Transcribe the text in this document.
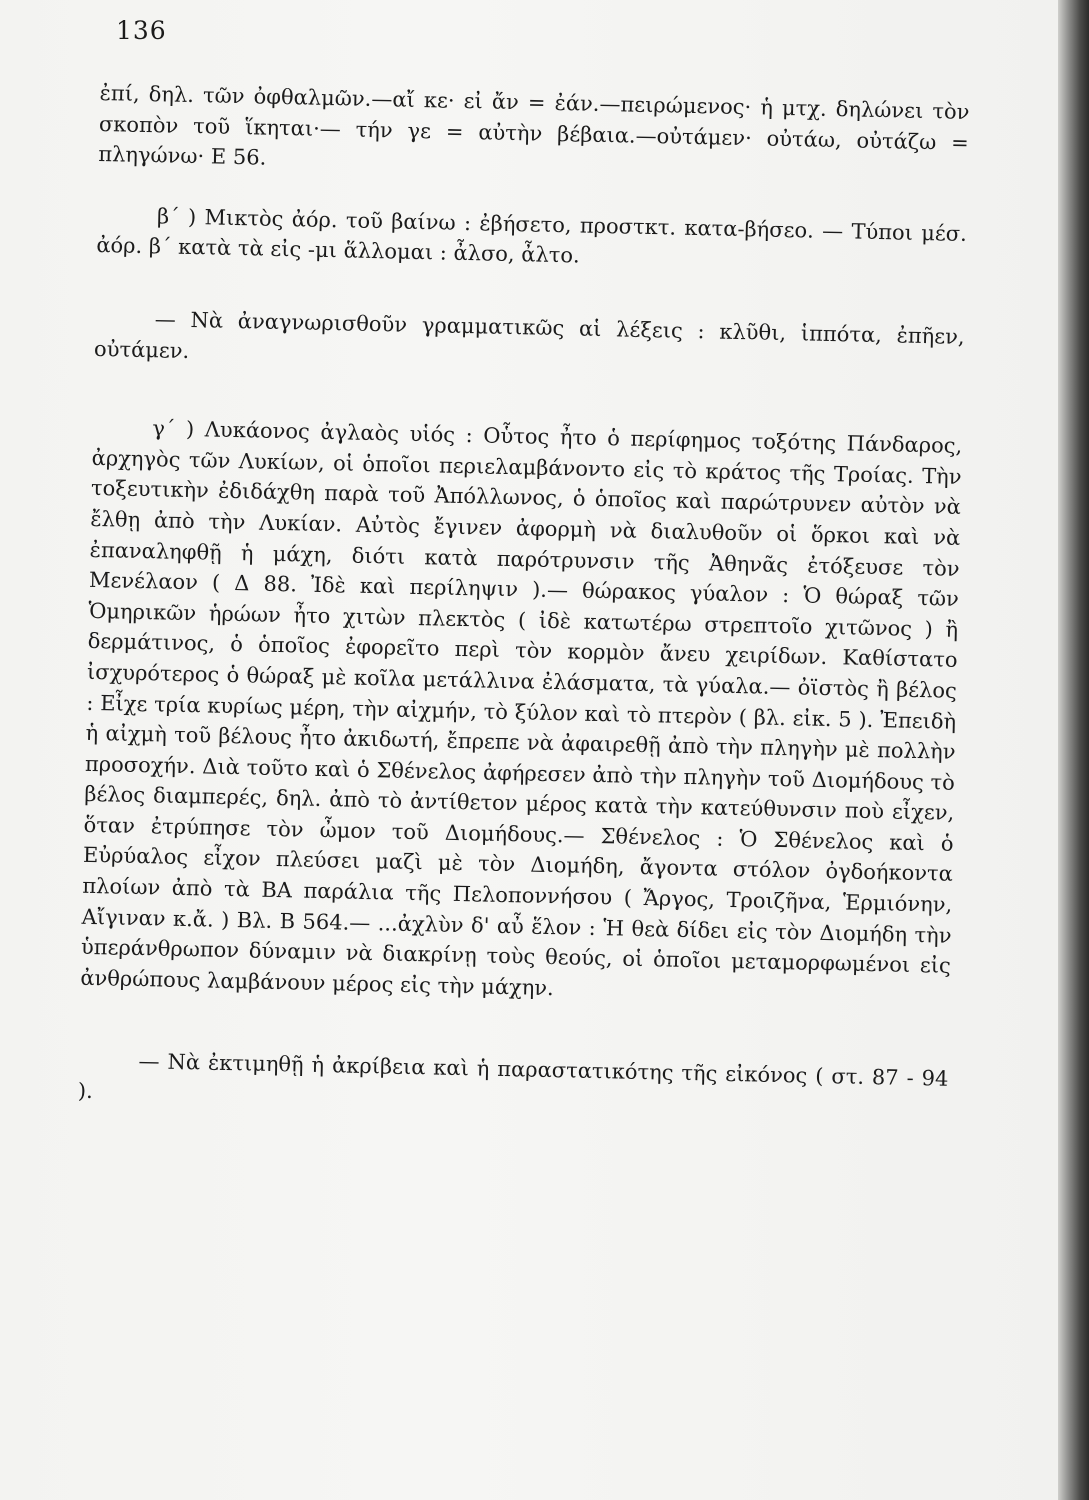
136

ἐπί, δηλ. τῶν ὀφθαλμῶν.—αἴ κε· εἰ ἄν = ἐάν.—πειρώμενος· ἡ μτχ. δηλώνει τὸν σκοπὸν τοῦ ἵκηται·— τήν γε = αὐτὴν βέβαια.—οὐτάμεν· οὐτάω, οὐτάζω = πληγώνω· Ε 56.

β΄ ) Μικτὸς ἀόρ. τοῦ βαίνω : ἐβήσετο, προστκτ. κατα-βήσεο. — Τύποι μέσ. ἀόρ. β΄ κατὰ τὰ εἰς -μι ἅλλομαι : ἆλσο, ἆλτο.

— Νὰ ἀναγνωρισθοῦν γραμματικῶς αἱ λέξεις : κλῦθι, ἱππότα, ἐπῆεν, οὐτάμεν.

γ΄ ) Λυκάονος ἀγλαὸς υἱός : Οὗτος ἦτο ὁ περίφημος τοξότης Πάνδαρος, ἀρχηγὸς τῶν Λυκίων, οἱ ὁποῖοι περιελαμβάνοντο εἰς τὸ κράτος τῆς Τροίας. Τὴν τοξευτικὴν ἐδιδάχθη παρὰ τοῦ Ἀπόλλωνος, ὁ ὁποῖος καὶ παρώτρυνεν αὐτὸν νὰ ἔλθῃ ἀπὸ τὴν Λυκίαν. Αὐτὸς ἔγινεν ἀφορμὴ νὰ διαλυθοῦν οἱ ὅρκοι καὶ νὰ ἐπαναληφθῇ ἡ μάχη, διότι κατὰ παρότρυνσιν τῆς Ἀθηνᾶς ἐτόξευσε τὸν Μενέλαον ( Δ 88. Ἰδὲ καὶ περίληψιν ).— θώρακος γύαλον : Ὁ θώραξ τῶν Ὁμηρικῶν ἡρώων ἦτο χιτὼν πλεκτὸς ( ἰδὲ κατωτέρω στρεπτοῖο χιτῶνος ) ἢ δερμάτινος, ὁ ὁποῖος ἐφορεῖτο περὶ τὸν κορμὸν ἄνευ χειρίδων. Καθίστατο ἰσχυρότερος ὁ θώραξ μὲ κοῖλα μετάλλινα ἐλάσματα, τὰ γύαλα.— ὀϊστὸς ἢ βέλος : Εἶχε τρία κυρίως μέρη, τὴν αἰχμήν, τὸ ξύλον καὶ τὸ πτερὸν ( βλ. εἰκ. 5 ). Ἐπειδὴ ἡ αἰχμὴ τοῦ βέλους ἦτο ἀκιδωτή, ἔπρεπε νὰ ἀφαιρεθῇ ἀπὸ τὴν πληγὴν μὲ πολλὴν προσοχήν. Διὰ τοῦτο καὶ ὁ Σθένελος ἀφήρεσεν ἀπὸ τὴν πληγὴν τοῦ Διομήδους τὸ βέλος διαμπερές, δηλ. ἀπὸ τὸ ἀντίθετον μέρος κατὰ τὴν κατεύθυνσιν ποὺ εἶχεν, ὅταν ἐτρύπησε τὸν ὦμον τοῦ Διομήδους.— Σθένελος : Ὁ Σθένελος καὶ ὁ Εὐρύαλος εἶχον πλεύσει μαζὶ μὲ τὸν Διομήδη, ἄγοντα στόλον ὀγδοήκοντα πλοίων ἀπὸ τὰ ΒΑ παράλια τῆς Πελοποννήσου ( Ἄργος, Τροιζῆνα, Ἑρμιόνην, Αἴγιναν κ.ἄ. ) Βλ. Β 564.— ...ἀχλὺν δ' αὖ ἕλον : Ἡ θεὰ δίδει εἰς τὸν Διομήδη τὴν ὑπεράνθρωπον δύναμιν νὰ διακρίνῃ τοὺς θεούς, οἱ ὁποῖοι μεταμορφωμένοι εἰς ἀνθρώπους λαμβάνουν μέρος εἰς τὴν μάχην.

— Νὰ ἐκτιμηθῇ ἡ ἀκρίβεια καὶ ἡ παραστατικότης τῆς εἰκόνος ( στ. 87 - 94 ).
